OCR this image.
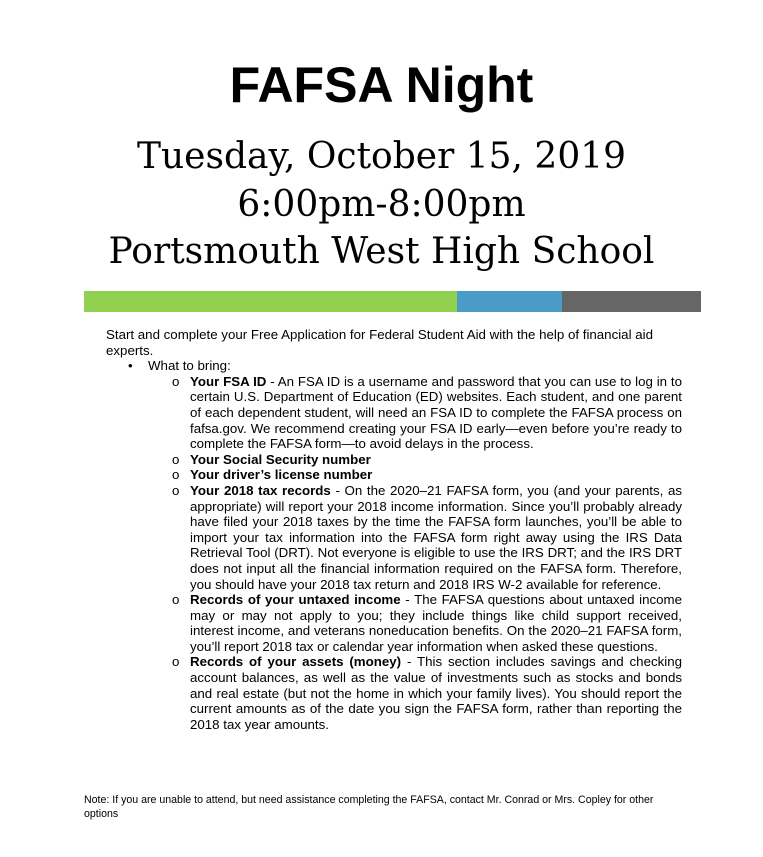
FAFSA Night

Tuesday, October 15, 2019

6:00pm-8:00pm

Portsmouth West High School

Start and complete your Free Application for Federal Student Aid with the help of financial aid experts.

• What to bring:
o Your FSA ID - An FSA ID is a username and password that you can use to log in to certain U.S. Department of Education (ED) websites. Each student, and one parent of each dependent student, will need an FSA ID to complete the FAFSA process on fafsa.gov. We recommend creating your FSA ID early—even before you’re ready to complete the FAFSA form—to avoid delays in the process.
o Your Social Security number
o Your driver’s license number
o Your 2018 tax records - On the 2020–21 FAFSA form, you (and your parents, as appropriate) will report your 2018 income information. Since you’ll probably already have filed your 2018 taxes by the time the FAFSA form launches, you’ll be able to import your tax information into the FAFSA form right away using the IRS Data Retrieval Tool (DRT). Not everyone is eligible to use the IRS DRT; and the IRS DRT does not input all the financial information required on the FAFSA form. Therefore, you should have your 2018 tax return and 2018 IRS W-2 available for reference.
o Records of your untaxed income - The FAFSA questions about untaxed income may or may not apply to you; they include things like child support received, interest income, and veterans noneducation benefits. On the 2020–21 FAFSA form, you’ll report 2018 tax or calendar year information when asked these questions.
o Records of your assets (money) - This section includes savings and checking account balances, as well as the value of investments such as stocks and bonds and real estate (but not the home in which your family lives). You should report the current amounts as of the date you sign the FAFSA form, rather than reporting the 2018 tax year amounts.

Note: If you are unable to attend, but need assistance completing the FAFSA, contact Mr. Conrad or Mrs. Copley for other options
